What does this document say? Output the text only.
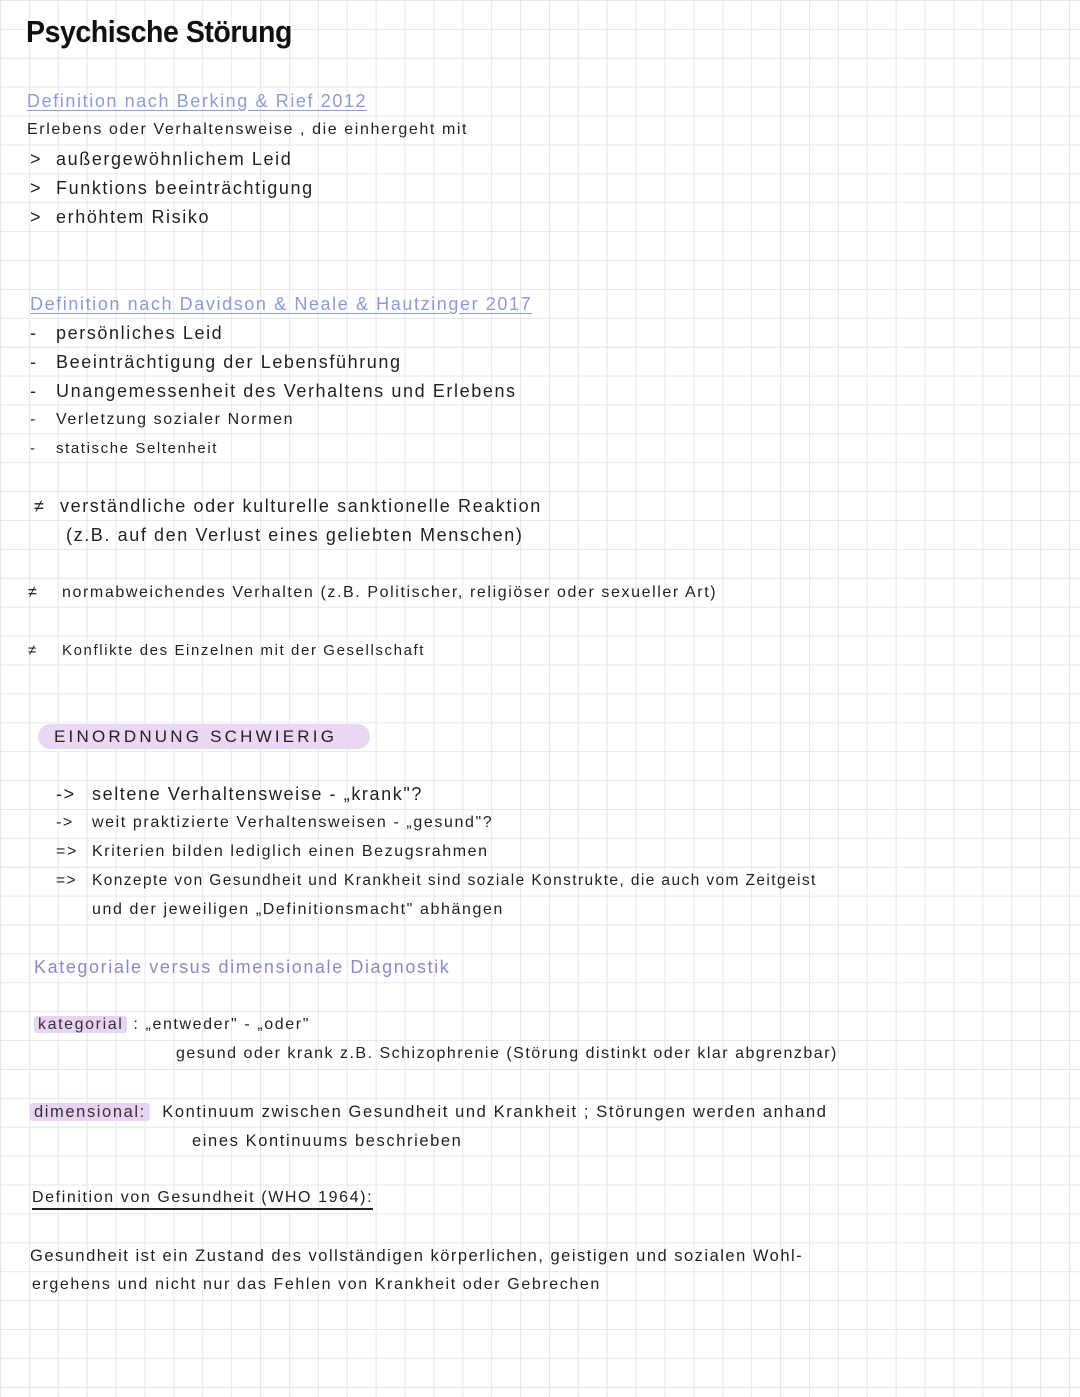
Psychische Störung
Definition nach Berking & Rief 2012
Erlebens oder Verhaltensweise , die einhergeht mit
> außergewöhnlichem Leid
> Funktions beeinträchtigung
> erhöhtem Risiko
Definition nach Davidson & Neale & Hautzinger 2017
- persönliches Leid
- Beeinträchtigung der Lebensführung
- Unangemessenheit des Verhaltens und Erlebens
- Verletzung sozialer Normen
- statische Seltenheit
≠ verständliche oder kulturelle sanktionelle Reaktion
(z.B. auf den Verlust eines geliebten Menschen)
≠ normabweichendes Verhalten (z.B. Politischer, religiöser oder sexueller Art)
≠ Konflikte des Einzelnen mit der Gesellschaft
EINORDNUNG SCHWIERIG
-> seltene Verhaltensweise - „krank"?
-> weit praktizierte Verhaltensweisen - „gesund"?
=> Kriterien bilden lediglich einen Bezugsrahmen
=> Konzepte von Gesundheit und Krankheit sind soziale Konstrukte, die auch vom Zeitgeist
und der jeweiligen „Definitionsmacht" abhängen
Kategoriale versus dimensionale Diagnostik
kategorial : „entweder" - „oder"
gesund oder krank z.B. Schizophrenie (Störung distinkt oder klar abgrenzbar)
dimensional: Kontinuum zwischen Gesundheit und Krankheit ; Störungen werden anhand
eines Kontinuums beschrieben
Definition von Gesundheit (WHO 1964):
Gesundheit ist ein Zustand des vollständigen körperlichen, geistigen und sozialen Wohl-
ergehens und nicht nur das Fehlen von Krankheit oder Gebrechen
